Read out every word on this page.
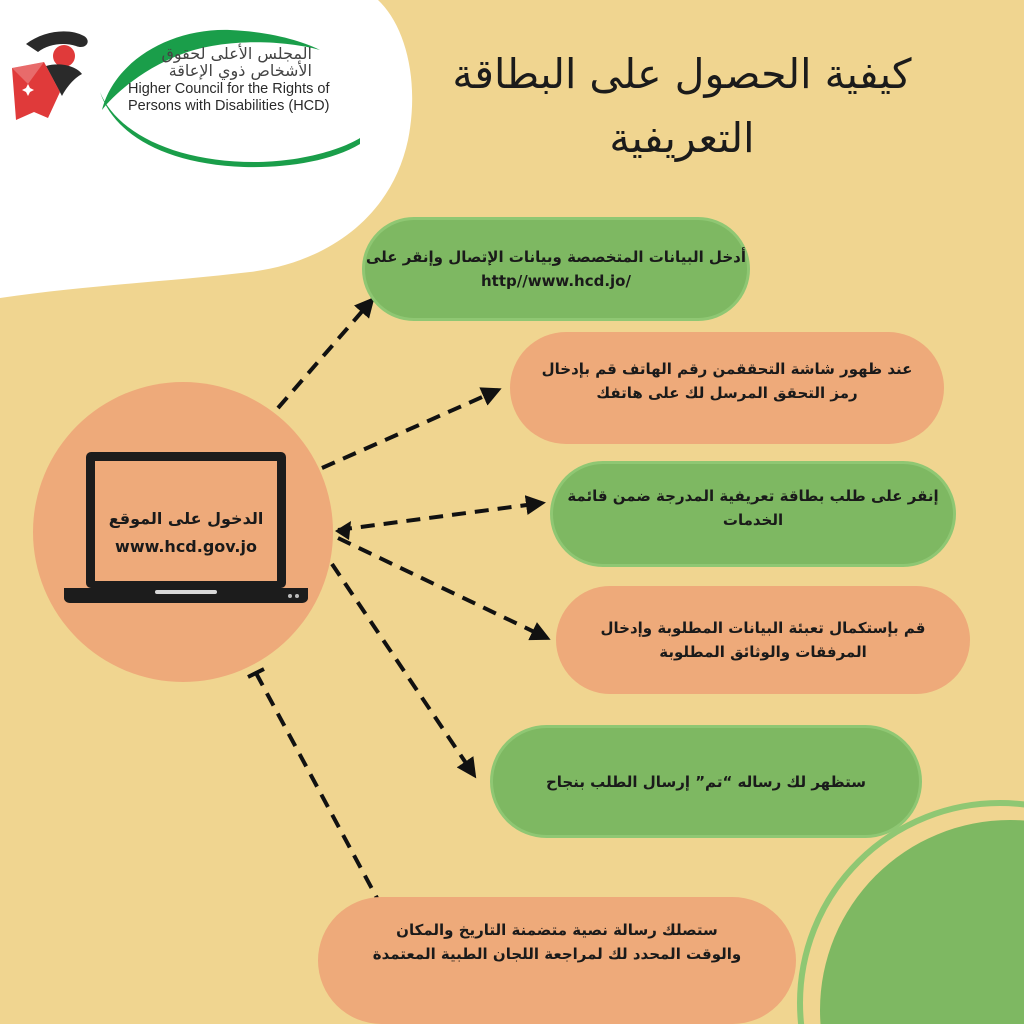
المجلس الأعلى لحقوق
الأشخاص ذوي الإعاقة
Higher Council for the Rights of
Persons with Disabilities (HCD)
كيفية الحصول على البطاقة
التعريفية
الدخول على الموقع
www.hcd.gov.jo
أدخل البيانات المتخصصة وبيانات الإتصال وإنقر على
http//www.hcd.jo/
عند ظهور شاشة التحققمن رقم الهاتف قم بإدخال
رمز التحقق المرسل لك على هاتفك
إنقر على طلب بطاقة تعريفية المدرجة ضمن قائمة
الخدمات
قم بإستكمال تعبئة البيانات المطلوبة وإدخال
المرفقات والوثائق المطلوبة
ستظهر لك رساله “تم” إرسال الطلب بنجاح
ستصلك رسالة نصية متضمنة التاريخ والمكان
والوقت المحدد لك لمراجعة اللجان الطبية المعتمدة
